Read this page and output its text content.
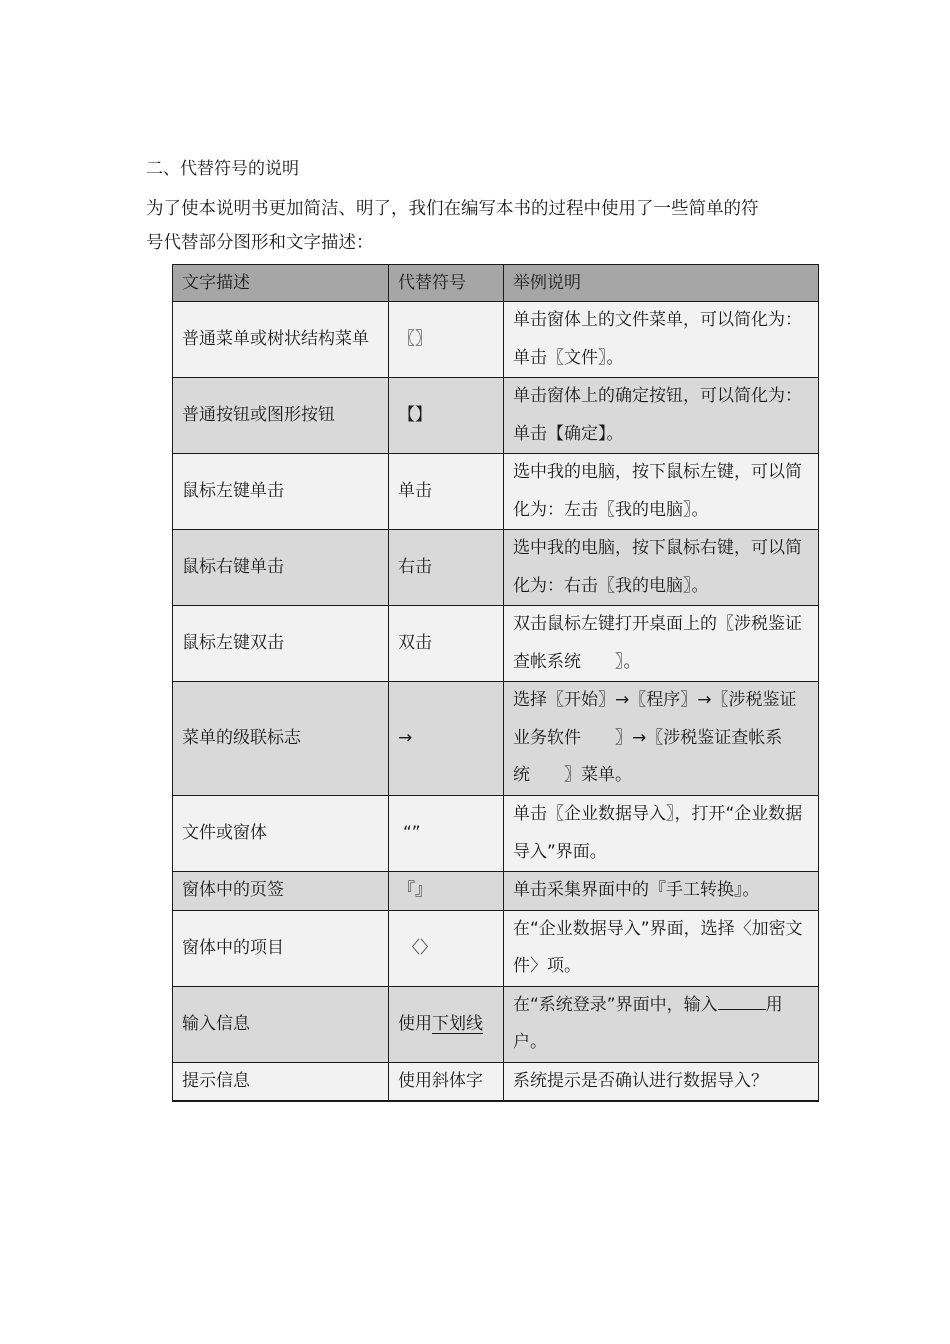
二、代替符号的说明
为了使本说明书更加简洁、明了，我们在编写本书的过程中使用了一些简单的符
号代替部分图形和文字描述：
文字描述	代替符号	举例说明
普通菜单或树状结构菜单	〖〗	单击窗体上的文件菜单，可以简化为：单击〖文件〗。
普通按钮或图形按钮	【】	单击窗体上的确定按钮，可以简化为：单击【确定】。
鼠标左键单击	单击	选中我的电脑，按下鼠标左键，可以简化为：左击〖我的电脑〗。
鼠标右键单击	右击	选中我的电脑，按下鼠标右键，可以简化为：右击〖我的电脑〗。
鼠标左键双击	双击	双击鼠标左键打开桌面上的〖涉税鉴证查帐系统　　〗。
菜单的级联标志	→	选择〖开始〗→〖程序〗→〖涉税鉴证业务软件　　〗→〖涉税鉴证查帐系统　　〗菜单。
文件或窗体	“”	单击〖企业数据导入〗，打开“企业数据导入”界面。
窗体中的页签	『』	单击采集界面中的『手工转换』。
窗体中的项目	〈〉	在“企业数据导入”界面，选择〈加密文件〉项。
输入信息	使用下划线	在“系统登录”界面中，输入 用户。
提示信息	使用斜体字	系统提示是否确认进行数据导入？
